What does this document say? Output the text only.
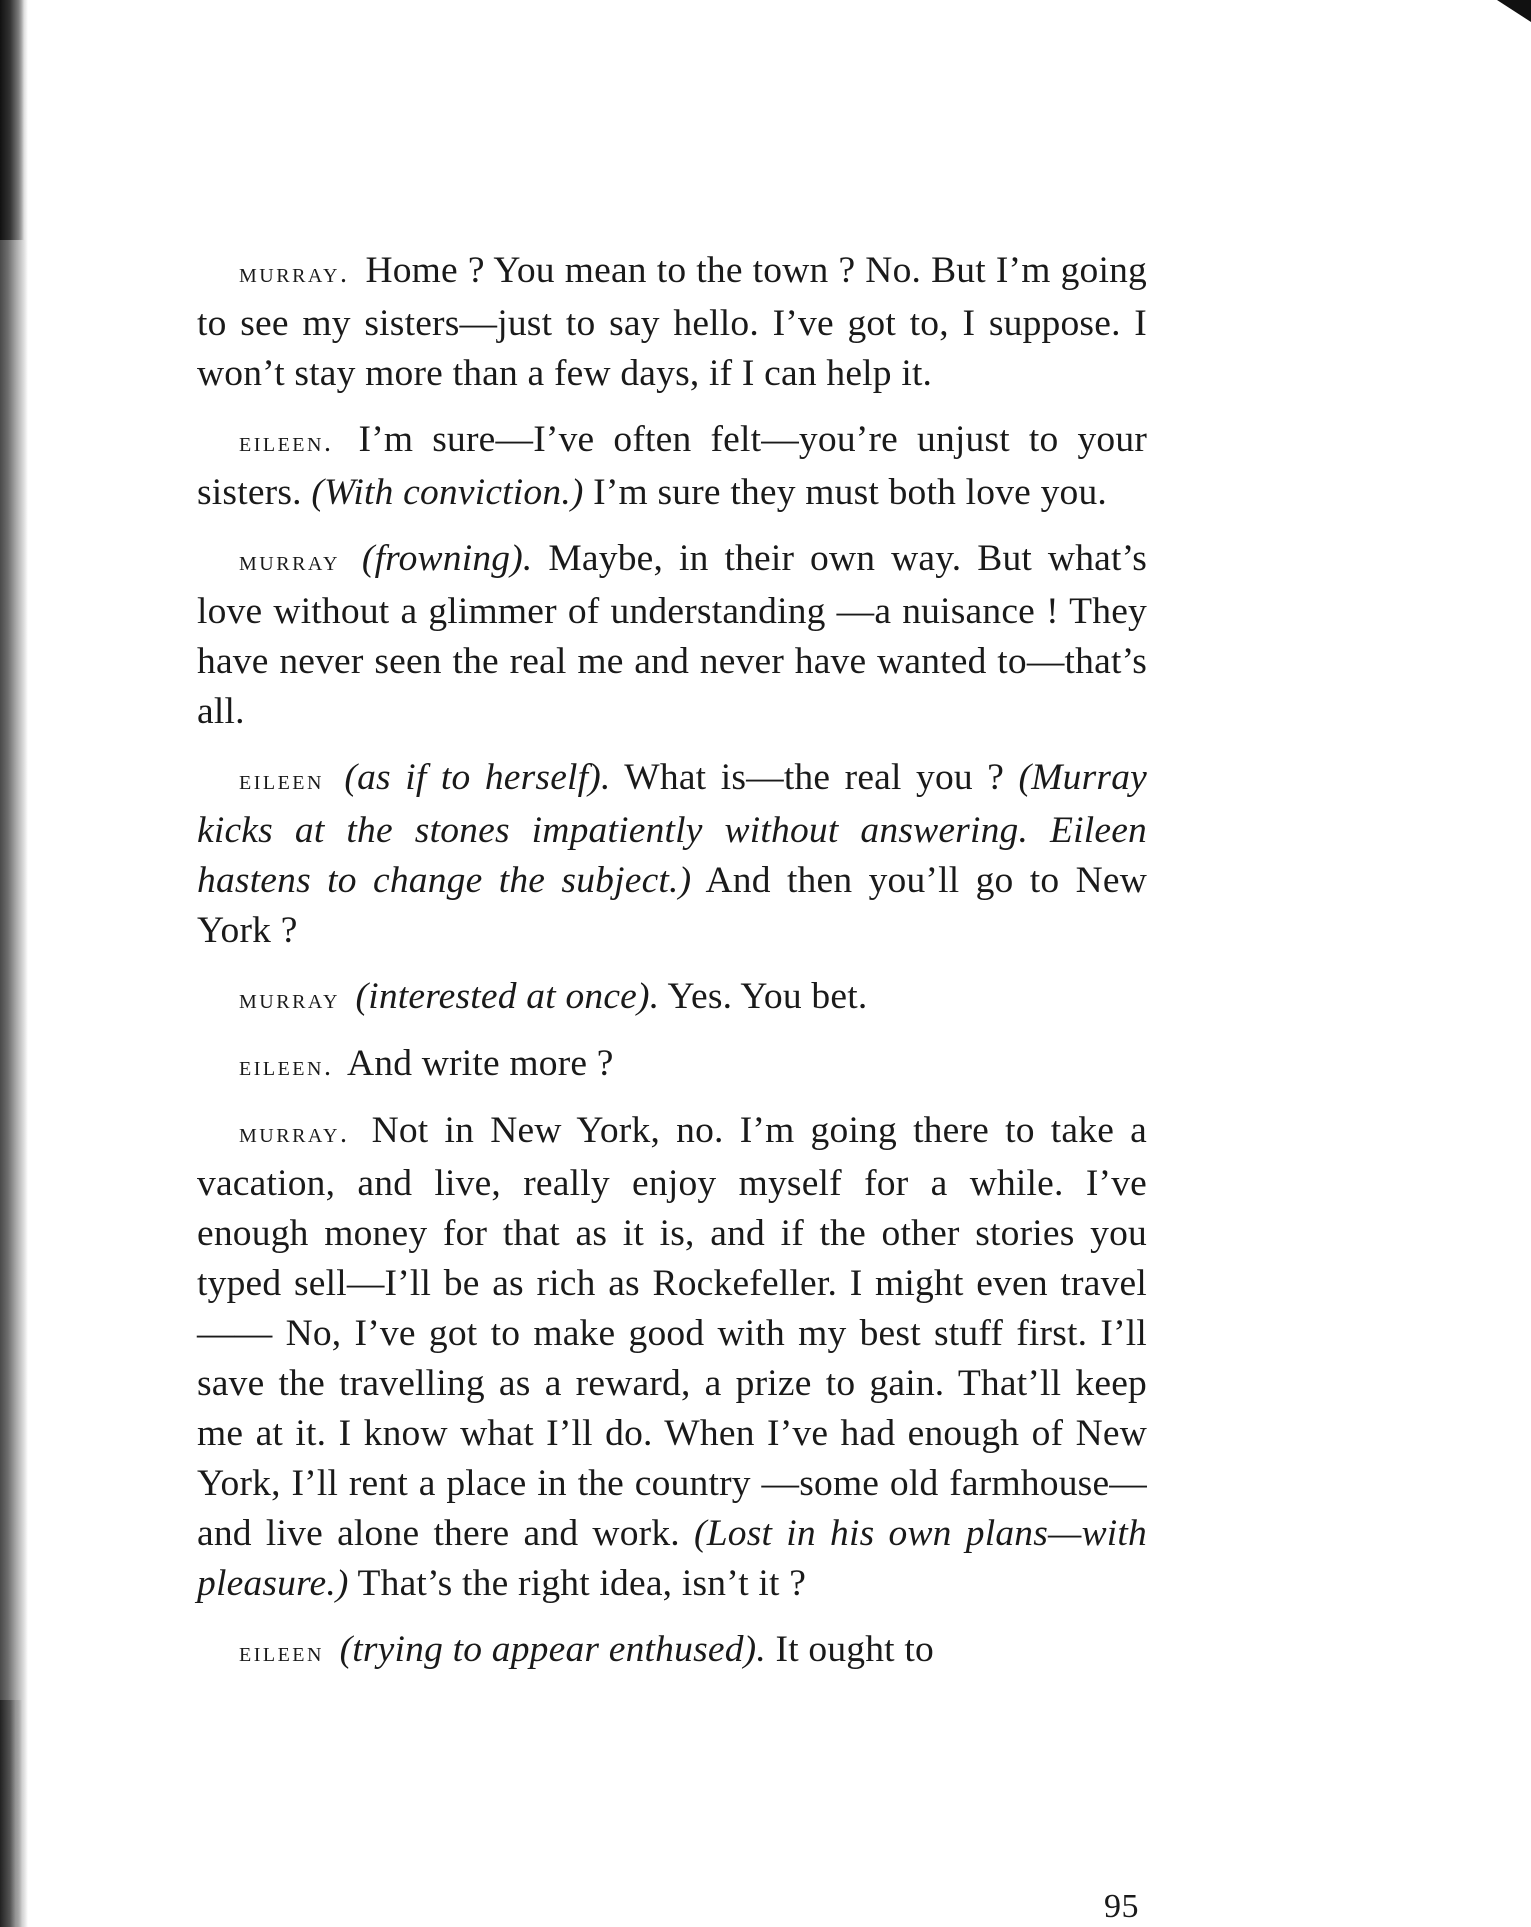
murray. Home ? You mean to the town ? No. But I’m going to see my sisters—just to say hello. I’ve got to, I suppose. I won’t stay more than a few days, if I can help it.

eileen. I’m sure—I’ve often felt—you’re unjust to your sisters. (With conviction.) I’m sure they must both love you.

murray (frowning). Maybe, in their own way. But what’s love without a glimmer of understanding —a nuisance ! They have never seen the real me and never have wanted to—that’s all.

eileen (as if to herself). What is—the real you ? (Murray kicks at the stones impatiently without answering. Eileen hastens to change the subject.) And then you’ll go to New York ?

murray (interested at once). Yes. You bet.

eileen. And write more ?

murray. Not in New York, no. I’m going there to take a vacation, and live, really enjoy myself for a while. I’ve enough money for that as it is, and if the other stories you typed sell—I’ll be as rich as Rockefeller. I might even travel—— No, I’ve got to make good with my best stuff first. I’ll save the travelling as a reward, a prize to gain. That’ll keep me at it. I know what I’ll do. When I’ve had enough of New York, I’ll rent a place in the country —some old farmhouse—and live alone there and work. (Lost in his own plans—with pleasure.) That’s the right idea, isn’t it ?

eileen (trying to appear enthused). It ought to

95
